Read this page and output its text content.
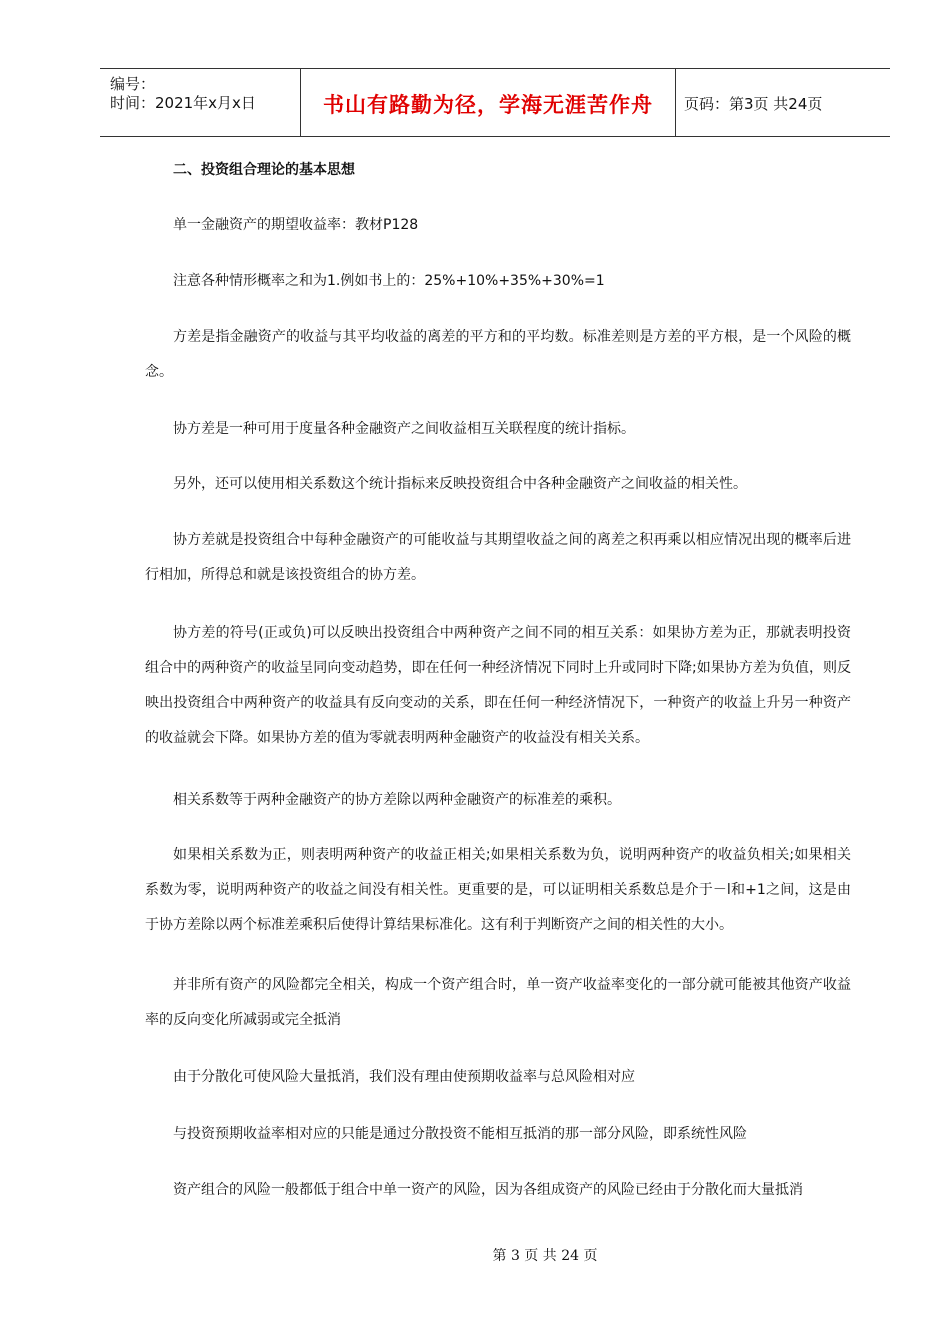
编号：
时间：2021年x月x日	书山有路勤为径，学海无涯苦作舟	页码：第3页 共24页

二、投资组合理论的基本思想

单一金融资产的期望收益率：教材P128

注意各种情形概率之和为1.例如书上的：25%+10%+35%+30%=1

方差是指金融资产的收益与其平均收益的离差的平方和的平均数。标准差则是方差的平方根，是一个风险的概念。

协方差是一种可用于度量各种金融资产之间收益相互关联程度的统计指标。

另外，还可以使用相关系数这个统计指标来反映投资组合中各种金融资产之间收益的相关性。

协方差就是投资组合中每种金融资产的可能收益与其期望收益之间的离差之积再乘以相应情况出现的概率后进行相加，所得总和就是该投资组合的协方差。

协方差的符号(正或负)可以反映出投资组合中两种资产之间不同的相互关系：如果协方差为正，那就表明投资组合中的两种资产的收益呈同向变动趋势，即在任何一种经济情况下同时上升或同时下降;如果协方差为负值，则反映出投资组合中两种资产的收益具有反向变动的关系，即在任何一种经济情况下，一种资产的收益上升另一种资产的收益就会下降。如果协方差的值为零就表明两种金融资产的收益没有相关关系。

相关系数等于两种金融资产的协方差除以两种金融资产的标准差的乘积。

如果相关系数为正，则表明两种资产的收益正相关;如果相关系数为负，说明两种资产的收益负相关;如果相关系数为零，说明两种资产的收益之间没有相关性。更重要的是，可以证明相关系数总是介于－l和+1之间，这是由于协方差除以两个标准差乘积后使得计算结果标准化。这有利于判断资产之间的相关性的大小。

并非所有资产的风险都完全相关，构成一个资产组合时，单一资产收益率变化的一部分就可能被其他资产收益率的反向变化所减弱或完全抵消

由于分散化可使风险大量抵消，我们没有理由使预期收益率与总风险相对应

与投资预期收益率相对应的只能是通过分散投资不能相互抵消的那一部分风险，即系统性风险

资产组合的风险一般都低于组合中单一资产的风险，因为各组成资产的风险已经由于分散化而大量抵消

第 3 页 共 24 页
